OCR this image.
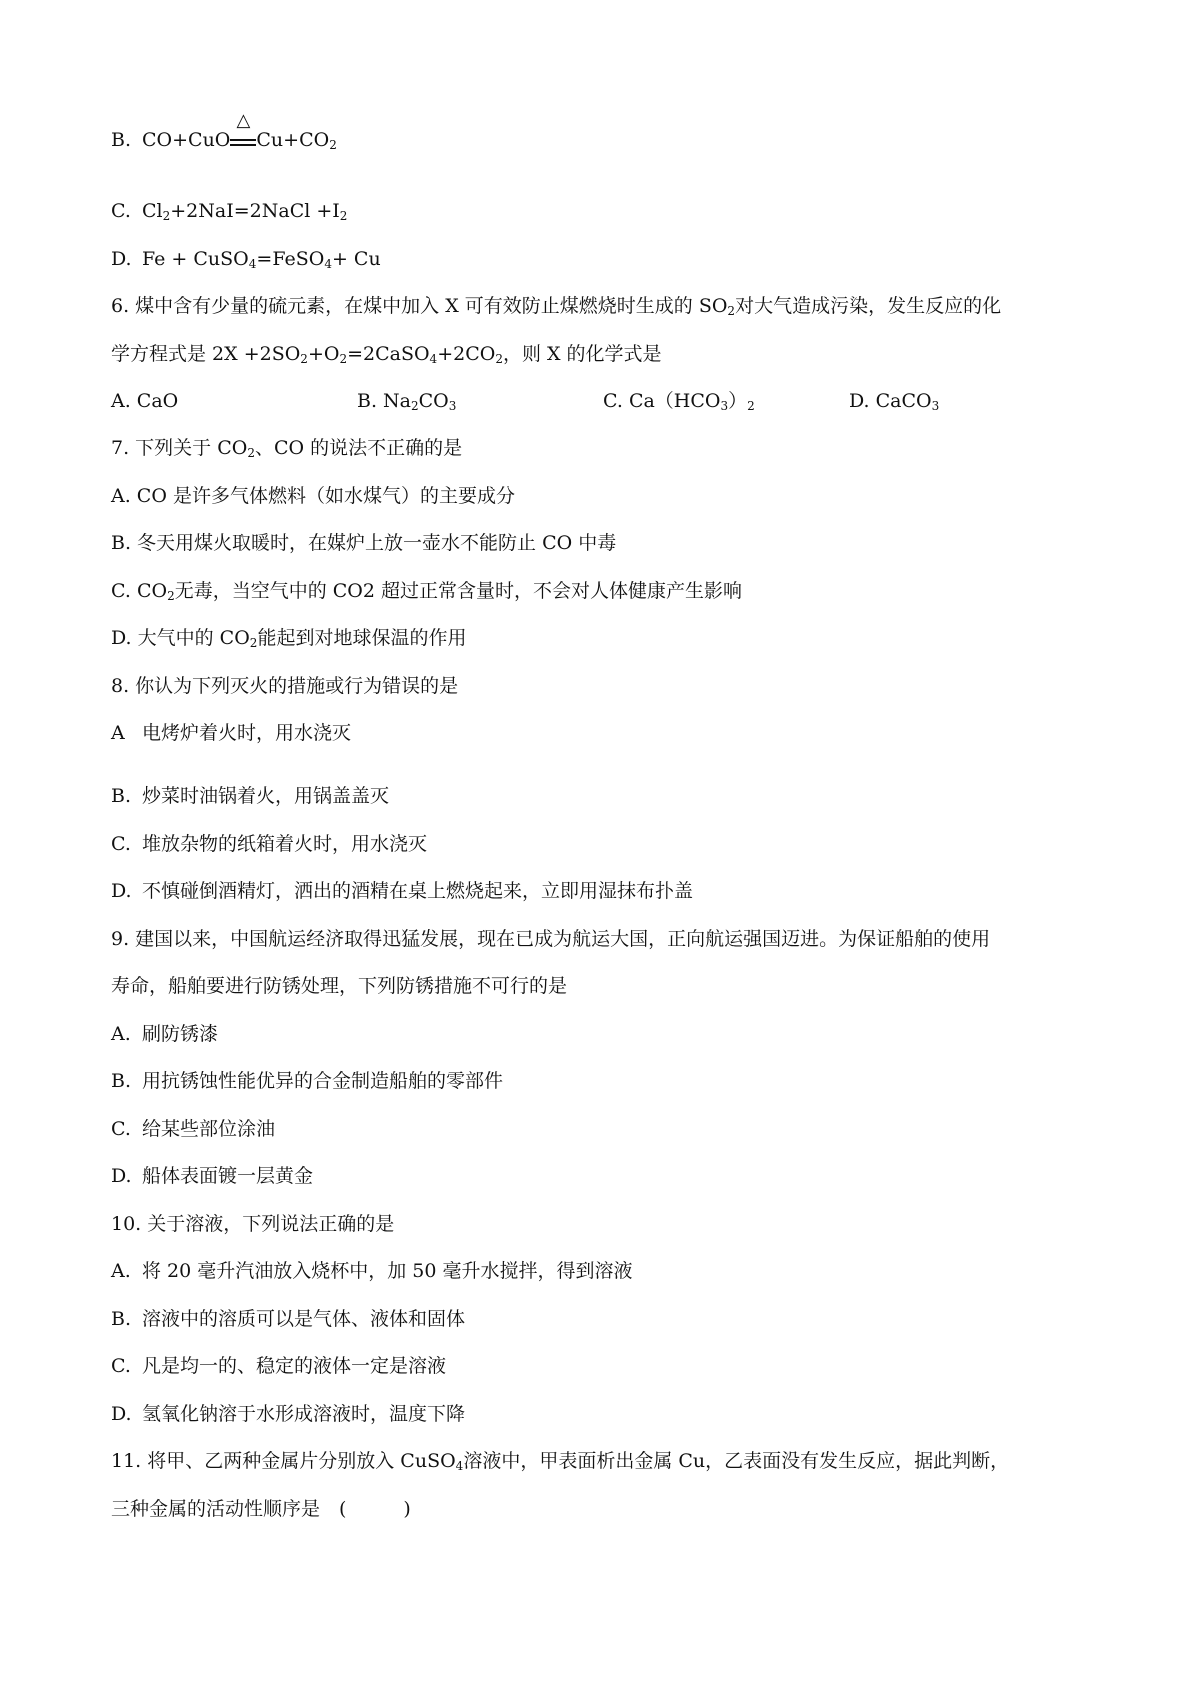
B. CO+CuO
△
$Cu+CO_2$
C. $Cl_2+2NaI=2NaCl +I_2$
D. Fe + CuSO$_4$=FeSO$_4$+ Cu
6. 煤中含有少量的硫元素，在煤中加入 X 可有效防止煤燃烧时生成的 $SO_2$对大气造成污染，发生反应的化
学方程式是 $2X +2SO_2+O_2=2CaSO_4+2CO_2$，则 X 的化学式是
A. CaO	B. $Na_2CO_3$	C. $Ca(HCO_3)_2$	D. CaCO$_3$
7. 下列关于 $CO_2$、CO 的说法不正确的是
A. CO 是许多气体燃料（如水煤气）的主要成分
B. 冬天用煤火取暖时，在媒炉上放一壶水不能防止 CO 中毒
C. $CO_2$无毒，当空气中的 CO2 超过正常含量时，不会对人体健康产生影响
D. 大气中的 $CO_2$能起到对地球保温的作用
8. 你认为下列灭火的措施或行为错误的是
A 电烤炉着火时，用水浇灭
B. 炒菜时油锅着火，用锅盖盖灭
C. 堆放杂物的纸箱着火时，用水浇灭
D. 不慎碰倒酒精灯，洒出的酒精在桌上燃烧起来，立即用湿抹布扑盖
9. 建国以来，中国航运经济取得迅猛发展，现在已成为航运大国，正向航运强国迈进。为保证船舶的使用
寿命，船舶要进行防锈处理，下列防锈措施不可行的是
A. 刷防锈漆
B. 用抗锈蚀性能优异的合金制造船舶的零部件
C. 给某些部位涂油
D. 船体表面镀一层黄金
10. 关于溶液，下列说法正确的是
A. 将 20 毫升汽油放入烧杯中，加 50 毫升水搅拌，得到溶液
B. 溶液中的溶质可以是气体、液体和固体
C. 凡是均一的、稳定的液体一定是溶液
D. 氢氧化钠溶于水形成溶液时，温度下降
11. 将甲、乙两种金属片分别放入 CuSO$_4$溶液中，甲表面析出金属 Cu，乙表面没有发生反应，据此判断，
三种金属的活动性顺序是　(　　　)
